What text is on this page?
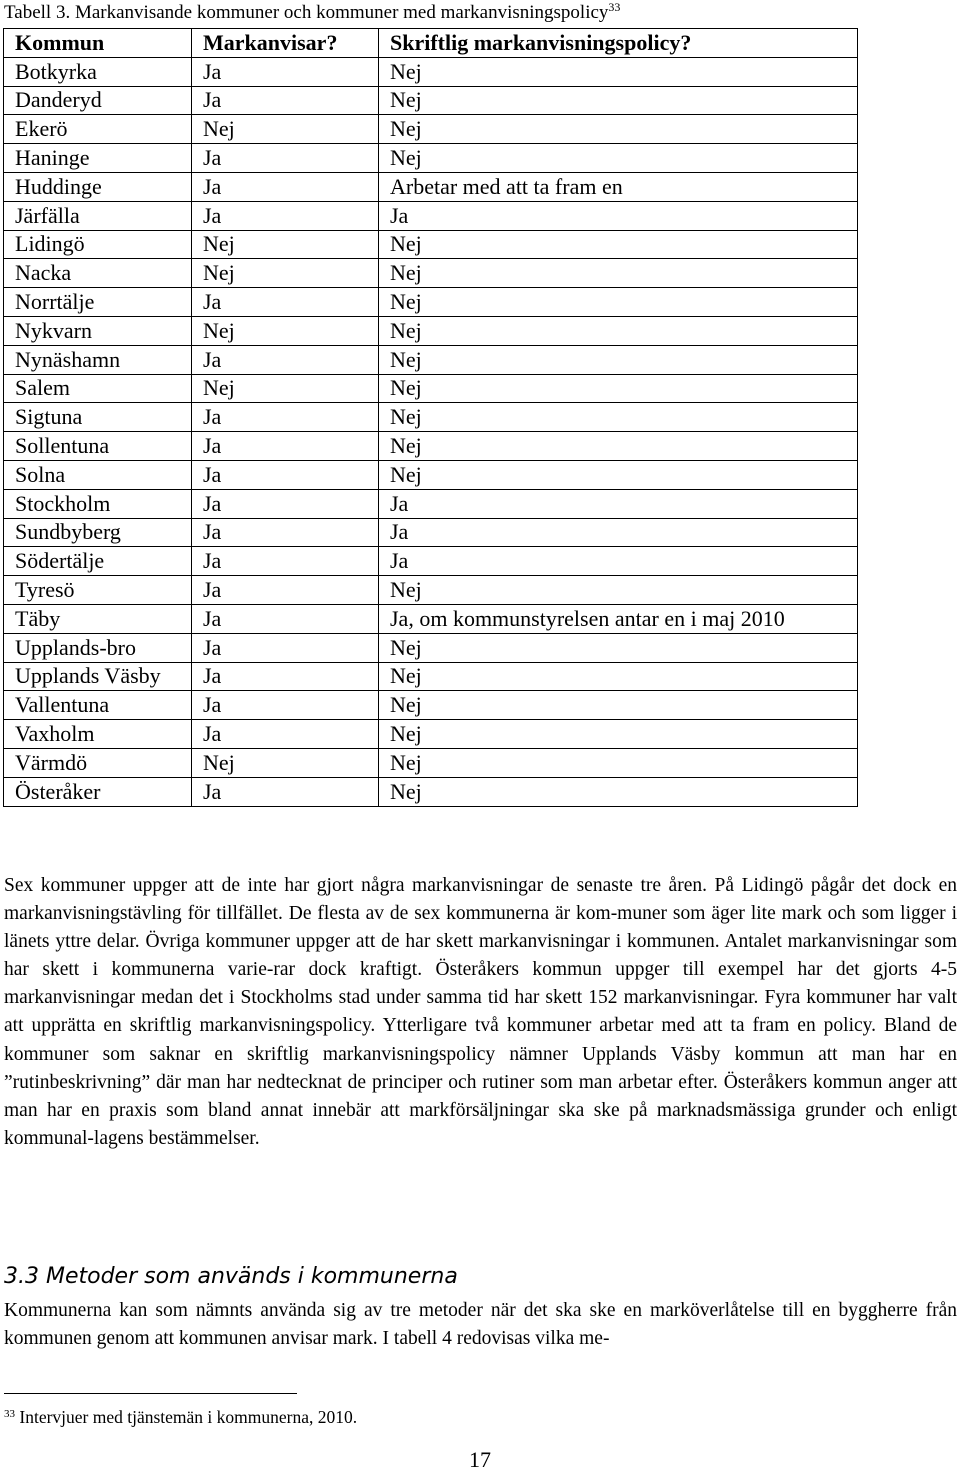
Tabell 3. Markanvisande kommuner och kommuner med markanvisningspolicy$^{33}$
Kommun	Markanvisar?	Skriftlig markanvisningspolicy?
Botkyrka	Ja	Nej
Danderyd	Ja	Nej
Ekerö	Nej	Nej
Haninge	Ja	Nej
Huddinge	Ja	Arbetar med att ta fram en
Järfälla	Ja	Ja
Lidingö	Nej	Nej
Nacka	Nej	Nej
Norrtälje	Ja	Nej
Nykvarn	Nej	Nej
Nynäshamn	Ja	Nej
Salem	Nej	Nej
Sigtuna	Ja	Nej
Sollentuna	Ja	Nej
Solna	Ja	Nej
Stockholm	Ja	Ja
Sundbyberg	Ja	Ja
Södertälje	Ja	Ja
Tyresö	Ja	Nej
Täby	Ja	Ja, om kommunstyrelsen antar en i maj 2010
Upplands-bro	Ja	Nej
Upplands Väsby	Ja	Nej
Vallentuna	Ja	Nej
Vaxholm	Ja	Nej
Värmdö	Nej	Nej
Österåker	Ja	Nej
Sex kommuner uppger att de inte har gjort några markanvisningar de senaste tre åren. På Lidingö pågår det dock en markanvisningstävling för tillfället. De flesta av de sex kommunerna är kom-muner som äger lite mark och som ligger i länets yttre delar. Övriga kommuner uppger att de har skett markanvisningar i kommunen. Antalet markanvisningar som har skett i kommunerna varie-rar dock kraftigt. Österåkers kommun uppger till exempel har det gjorts 4-5 markanvisningar medan det i Stockholms stad under samma tid har skett 152 markanvisningar. Fyra kommuner har valt att upprätta en skriftlig markanvisningspolicy. Ytterligare två kommuner arbetar med att ta fram en policy. Bland de kommuner som saknar en skriftlig markanvisningspolicy nämner Upplands Väsby kommun att man har en ”rutinbeskrivning” där man har nedtecknat de principer och rutiner som man arbetar efter. Österåkers kommun anger att man har en praxis som bland annat innebär att markförsäljningar ska ske på marknadsmässiga grunder och enligt kommunal-lagens bestämmelser.
3.3 Metoder som används i kommunerna
Kommunerna kan som nämnts använda sig av tre metoder när det ska ske en marköverlåtelse till en byggherre från kommunen genom att kommunen anvisar mark. I tabell 4 redovisas vilka me-
$^{33}$ Intervjuer med tjänstemän i kommunerna, 2010.
17
